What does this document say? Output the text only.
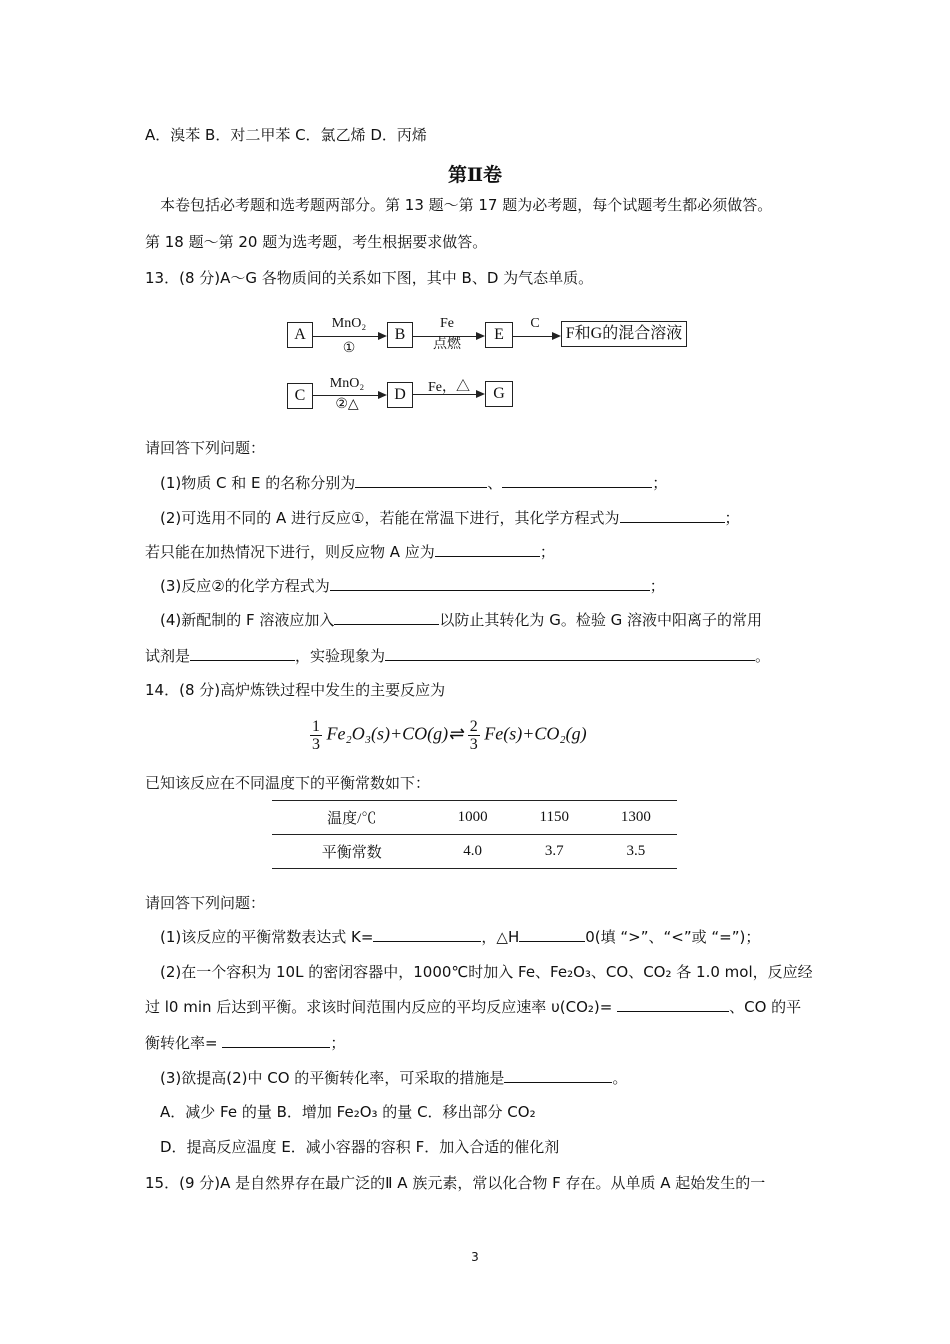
A．溴苯 B．对二甲苯 C．氯乙烯 D．丙烯
第Ⅱ卷
本卷包括必考题和选考题两部分。第 13 题～第 17 题为必考题，每个试题考生都必须做答。
第 18 题～第 20 题为选考题，考生根据要求做答。
13．(8 分)A～G 各物质间的关系如下图，其中 B、D 为气态单质。
A
MnO₂
①
B
Fe
点燃
E
C
F和G的混合溶液
C
MnO₂
②△
D	Fe，△	G
请回答下列问题：
(1)物质 C 和 E 的名称分别为	、	；
(2)可选用不同的 A 进行反应①，若能在常温下进行，其化学方程式为	；
若只能在加热情况下进行，则反应物 A 应为	；
(3)反应②的化学方程式为	；
(4)新配制的 F 溶液应加入	以防止其转化为 G。检验 G 溶液中阳离子的常用
试剂是	，实验现象为	。
14．(8 分)高炉炼铁过程中发生的主要反应为
$\frac{1}{3}$ Fe₂O₃(s)+CO(g)⇌ $\frac{2}{3} Fe(s)+CO_2(g)$
已知该反应在不同温度下的平衡常数如下：
温度/℃	1000	1150	1300
平衡常数	4.0	3.7	3.5
请回答下列问题：
(1)该反应的平衡常数表达式 K=	，△H	0(填 “>”、“<”或 “=”)；
(2)在一个容积为 10L 的密闭容器中，1000℃时加入 Fe、Fe₂O₃、CO、CO₂ 各 1.0 mol，反应经
过 l0 min 后达到平衡。求该时间范围内反应的平均反应速率 υ(CO₂)=	、CO 的平
衡转化率=	；
(3)欲提高(2)中 CO 的平衡转化率，可采取的措施是	。
A．减少 Fe 的量 B．增加 Fe₂O₃ 的量 C．移出部分 CO₂
D．提高反应温度 E．减小容器的容积 F．加入合适的催化剂
15．(9 分)A 是自然界存在最广泛的Ⅱ A 族元素，常以化合物 F 存在。从单质 A 起始发生的一
3
